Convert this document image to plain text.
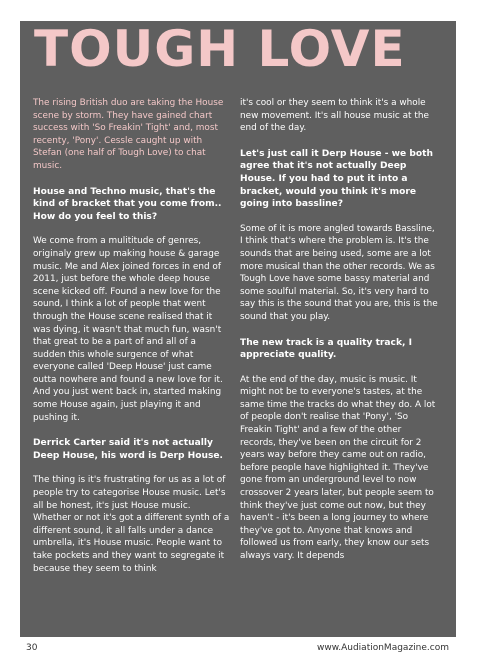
TOUGH LOVE

The rising British duo are taking the House scene by storm. They have gained chart success with 'So Freakin' Tight' and, most recenty, 'Pony'. Cessle caught up with Stefan (one half of Tough Love) to chat music.

House and Techno music, that's the kind of bracket that you come from.. How do you feel to this?

We come from a mulititude of genres, originaly grew up making house & garage music. Me and Alex joined forces in end of 2011, just before the whole deep house scene kicked off. Found a new love for the sound, I think a lot of people that went through the House scene realised that it was dying, it wasn't that much fun, wasn't that great to be a part of and all of a sudden this whole surgence of what everyone called 'Deep House' just came outta nowhere and found a new love for it. And you just went back in, started making some House again, just playing it and pushing it.

Derrick Carter said it's not actually Deep House, his word is Derp House.

The thing is it's frustrating for us as a lot of people try to categorise House music. Let's all be honest, it's just House music. Whether or not it's got a different synth of a different sound, it all falls under a dance umbrella, it's House music. People want to take pockets and they want to segregate it because they seem to think

it's cool or they seem to think it's a whole new movement. It's all house music at the end of the day.

Let's just call it Derp House - we both agree that it's not actually Deep House. If you had to put it into a bracket, would you think it's more going into bassline?

Some of it is more angled towards Bassline, I think that's where the problem is. It's the sounds that are being used, some are a lot more musical than the other records. We as Tough Love have some bassy material and some soulful material. So, it's very hard to say this is the sound that you are, this is the sound that you play.

The new track is a quality track, I appreciate quality.

At the end of the day, music is music. It might not be to everyone's tastes, at the same time the tracks do what they do. A lot of people don't realise that 'Pony', 'So Freakin Tight' and a few of the other records, they've been on the circuit for 2 years way before they came out on radio, before people have highlighted it. They've gone from an underground level to now crossover 2 years later, but people seem to think they've just come out now, but they haven't - it's been a long journey to where they've got to. Anyone that knows and followed us from early, they know our sets always vary. It depends

30	www.AudiationMagazine.com
